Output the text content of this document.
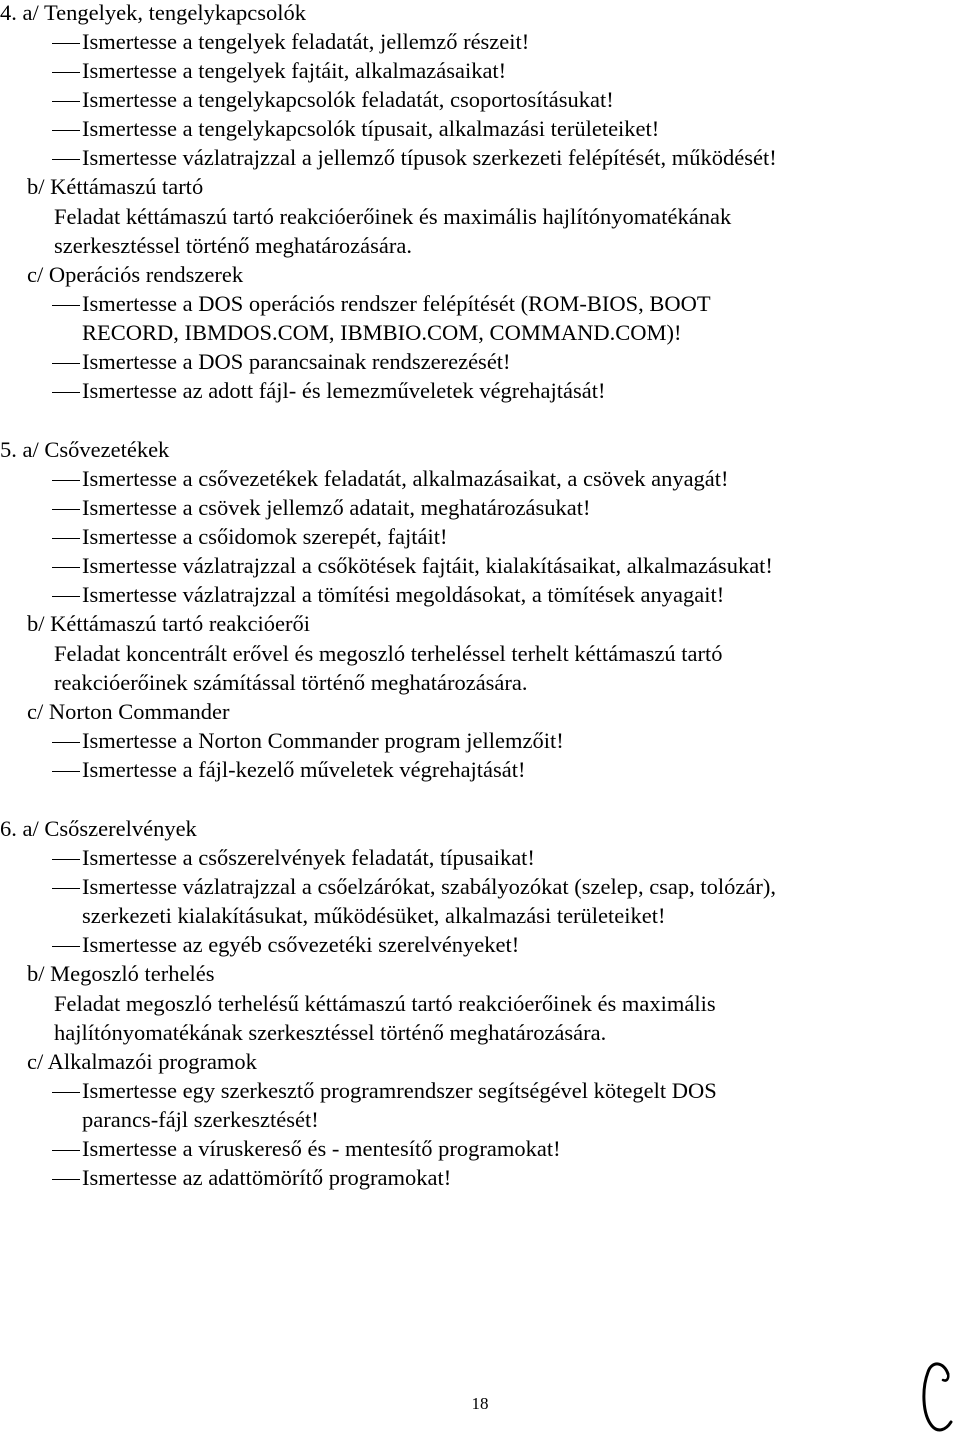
4. a/ Tengelyek, tengelykapcsolók
Ismertesse a tengelyek feladatát, jellemző részeit!
Ismertesse a tengelyek fajtáit, alkalmazásaikat!
Ismertesse a tengelykapcsolók feladatát, csoportosításukat!
Ismertesse a tengelykapcsolók típusait, alkalmazási területeiket!
Ismertesse vázlatrajzzal a jellemző típusok szerkezeti felépítését, működését!
b/ Kéttámaszú tartó
Feladat kéttámaszú tartó reakcióerőinek és maximális hajlítónyomatékának
szerkesztéssel történő meghatározására.
c/ Operációs rendszerek
Ismertesse a DOS operációs rendszer felépítését (ROM-BIOS, BOOT
RECORD, IBMDOS.COM, IBMBIO.COM, COMMAND.COM)!
Ismertesse a DOS parancsainak rendszerezését!
Ismertesse az adott fájl- és lemezműveletek végrehajtását!
5. a/ Csővezetékek
Ismertesse a csővezetékek feladatát, alkalmazásaikat, a csövek anyagát!
Ismertesse a csövek jellemző adatait, meghatározásukat!
Ismertesse a csőidomok szerepét, fajtáit!
Ismertesse vázlatrajzzal a csőkötések fajtáit, kialakításaikat, alkalmazásukat!
Ismertesse vázlatrajzzal a tömítési megoldásokat, a tömítések anyagait!
b/ Kéttámaszú tartó reakcióerői
Feladat koncentrált erővel és megoszló terheléssel terhelt kéttámaszú tartó
reakcióerőinek számítással történő meghatározására.
c/ Norton Commander
Ismertesse a Norton Commander program jellemzőit!
Ismertesse a fájl-kezelő műveletek végrehajtását!
6. a/ Csőszerelvények
Ismertesse a csőszerelvények feladatát, típusaikat!
Ismertesse vázlatrajzzal a csőelzárókat, szabályozókat (szelep, csap, tolózár),
szerkezeti kialakításukat, működésüket, alkalmazási területeiket!
Ismertesse az egyéb csővezetéki szerelvényeket!
b/ Megoszló terhelés
Feladat megoszló terhelésű kéttámaszú tartó reakcióerőinek és maximális
hajlítónyomatékának szerkesztéssel történő meghatározására.
c/ Alkalmazói programok
Ismertesse egy szerkesztő programrendszer segítségével kötegelt DOS
parancs-fájl szerkesztését!
Ismertesse a víruskereső és - mentesítő programokat!
Ismertesse az adattömörítő programokat!
18
